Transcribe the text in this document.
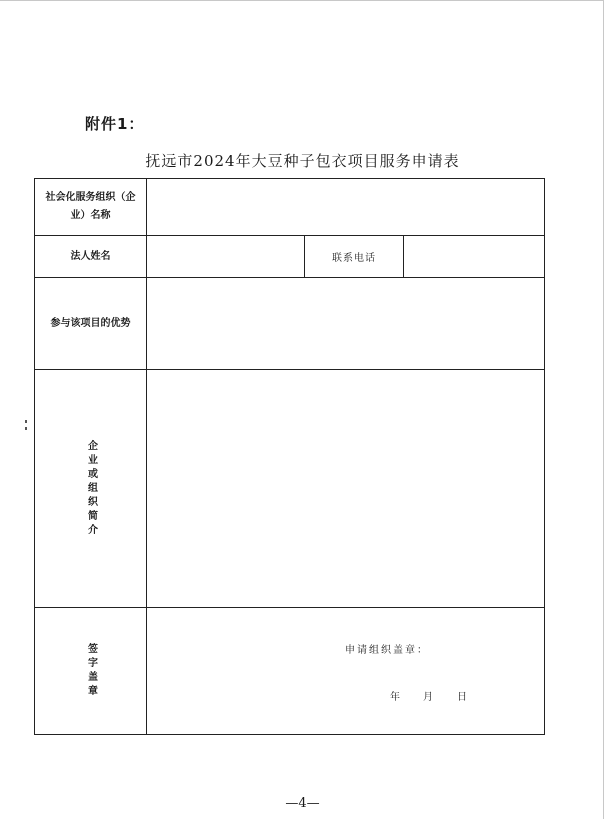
附件1：
抚远市2024年大豆种子包衣项目服务申请表
社会化服务组织（企业）名称
法人姓名	联系电话
参与该项目的优势
企业或组织简介
签字盖章	申请组织盖章：
年 月 日
—4—
